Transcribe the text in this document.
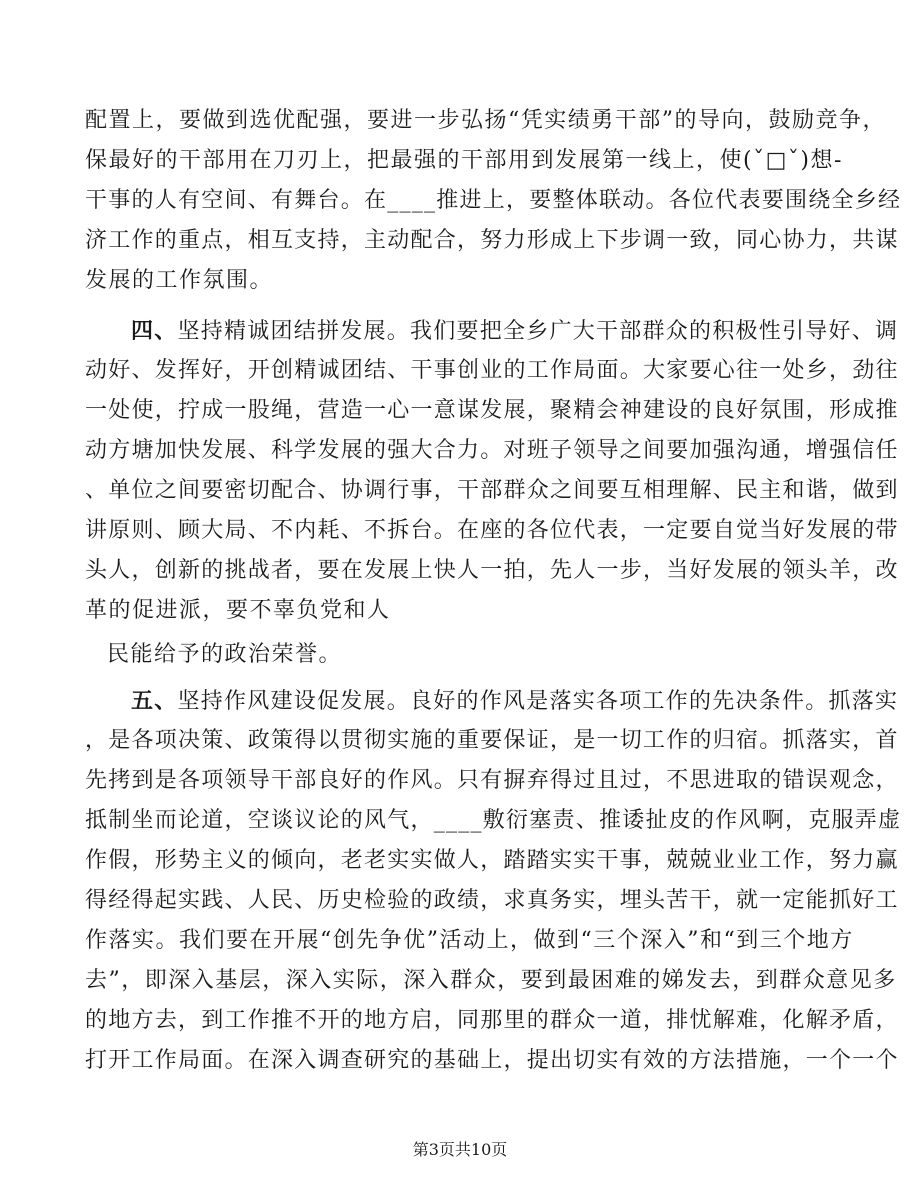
配置上，要做到选优配强，要进一步弘扬“凭实绩勇干部”的导向，鼓励竞争，
保最好的干部用在刀刃上，把最强的干部用到发展第一线上，使(ˇ□ˇ)想-
干事的人有空间、有舞台。在____推进上，要整体联动。各位代表要围绕全乡经
济工作的重点，相互支持，主动配合，努力形成上下步调一致，同心协力，共谋
发展的工作氛围。
四、坚持精诚团结拼发展。我们要把全乡广大干部群众的积极性引导好、调
动好、发挥好，开创精诚团结、干事创业的工作局面。大家要心往一处乡，劲往
一处使，拧成一股绳，营造一心一意谋发展，聚精会神建设的良好氛围，形成推
动方塘加快发展、科学发展的强大合力。对班子领导之间要加强沟通，增强信任
、单位之间要密切配合、协调行事，干部群众之间要互相理解、民主和谐，做到
讲原则、顾大局、不内耗、不拆台。在座的各位代表，一定要自觉当好发展的带
头人，创新的挑战者，要在发展上快人一拍，先人一步，当好发展的领头羊，改
革的促进派，要不辜负党和人
民能给予的政治荣誉。
五、坚持作风建设促发展。良好的作风是落实各项工作的先决条件。抓落实
，是各项决策、政策得以贯彻实施的重要保证，是一切工作的归宿。抓落实，首
先拷到是各项领导干部良好的作风。只有摒弃得过且过，不思进取的错误观念，
抵制坐而论道，空谈议论的风气，____敷衍塞责、推诿扯皮的作风啊，克服弄虚
作假，形势主义的倾向，老老实实做人，踏踏实实干事，兢兢业业工作，努力赢
得经得起实践、人民、历史检验的政绩，求真务实，埋头苦干，就一定能抓好工
作落实。我们要在开展“创先争优”活动上，做到“三个深入”和“到三个地方
去”，即深入基层，深入实际，深入群众，要到最困难的娣发去，到群众意见多
的地方去，到工作推不开的地方启，同那里的群众一道，排忧解难，化解矛盾，
打开工作局面。在深入调查研究的基础上，提出切实有效的方法措施，一个一个
第3页共10页
